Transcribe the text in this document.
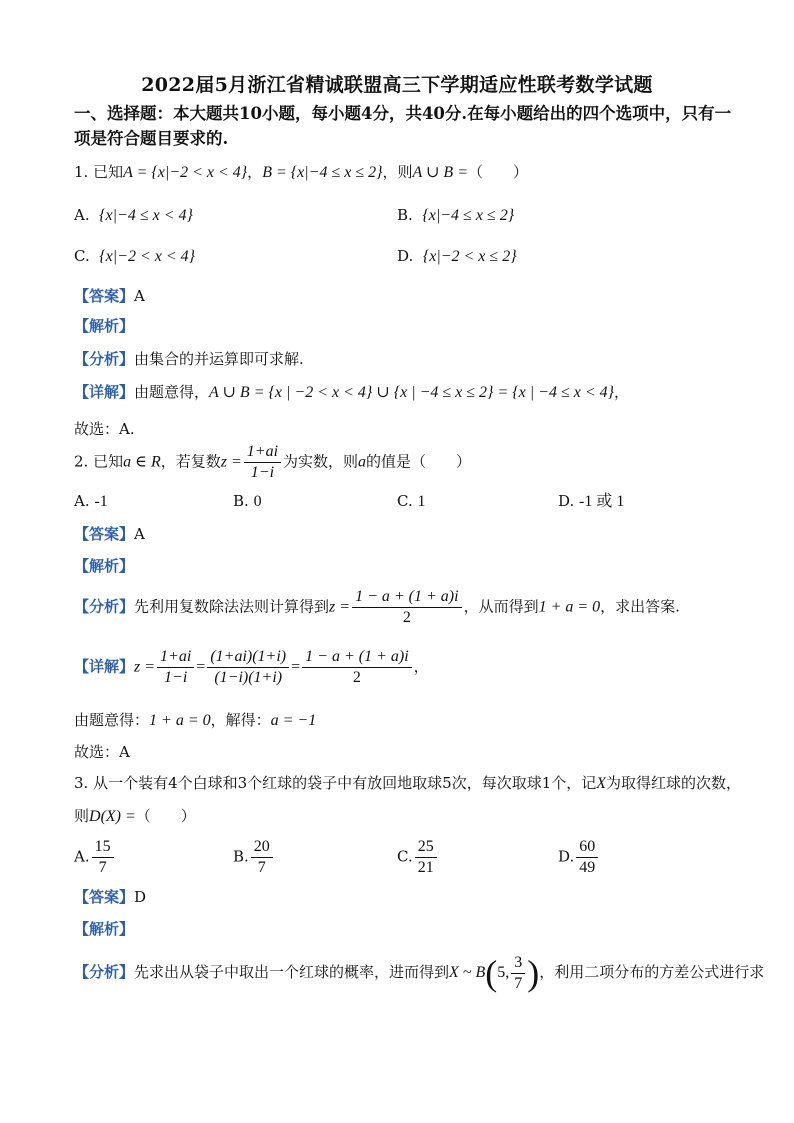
2022届5月浙江省精诚联盟高三下学期适应性联考数学试题
一、选择题：本大题共10小题，每小题4分，共40分.在每小题给出的四个选项中，只有一
项是符合题目要求的.
1. 已知A = {x|−2 < x < 4}，B = {x|−4 ≤ x ≤ 2}，则A ∪ B =（　　）
A. {x|−4 ≤ x < 4}	B. {x|−4 ≤ x ≤ 2}
C. {x|−2 < x < 4}	D. {x|−2 < x ≤ 2}
【答案】A
【解析】
【分析】由集合的并运算即可求解.
【详解】由题意得，A ∪ B = {x | −2 < x < 4} ∪ {x | −4 ≤ x ≤ 2} = {x | −4 ≤ x < 4}，
故选：A.
2. 已知a ∈ R，若复数$z = \frac{1+ai}{1-i}$ 为实数，则a的值是（　　）
A. -1	B. 0	C. 1	D. -1 或 1
【答案】A
【解析】
【分析】先利用复数除法法则计算得到$z = \frac{1 - a + (1 + a)i}{2}$ ，从而得到1 + a = 0，求出答案.
【详解】$z = \frac{1+ai}{1-i} = \frac{(1+ai)(1+i)}{(1-i)(1+i)} = \frac{1 - a + (1 + a)i}{2}$ ，
由题意得：1 + a = 0，解得：a = −1
故选：A
3. 从一个装有4个白球和3个红球的袋子中有放回地取球5次，每次取球1个，记X为取得红球的次数，
则D(X) =（　　）
A. $\frac{15}{7}$	B. $\frac{20}{7}$	C. $\frac{25}{21}$	D. $\frac{60}{49}$
【答案】D
【解析】
【分析】先求出从袋子中取出一个红球的概率，进而得到X ~ B(5, $\frac{3}{7}$ )，利用二项分布的方差公式进行求
